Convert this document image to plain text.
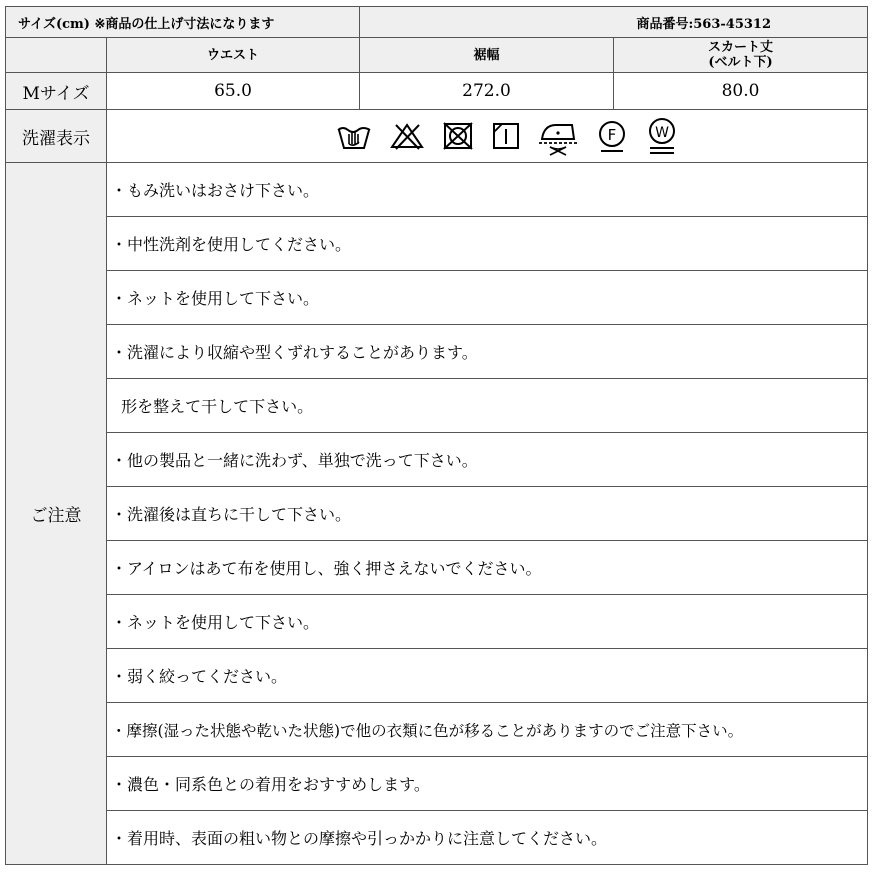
サイズ(cm) ※商品の仕上げ寸法になります		商品番号:563-45312	
	ウエスト	裾幅	スカート丈
(ベルト下)
Mサイズ	65.0	272.0	80.0
洗濯表示	F W		

ご注意	・もみ洗いはおさけ下さい。		
	・中性洗剤を使用してください。		
	・ネットを使用して下さい。		
	・洗濯により収縮や型くずれすることがあります。		
	形を整えて干して下さい。		
	・他の製品と一緒に洗わず、単独で洗って下さい。		
	・洗濯後は直ちに干して下さい。		
	・アイロンはあて布を使用し、強く押さえないでください。		
	・ネットを使用して下さい。		
	・弱く絞ってください。		
	・摩擦(湿った状態や乾いた状態)で他の衣類に色が移ることがありますのでご注意下さい。		
	・濃色・同系色との着用をおすすめします。		
	・着用時、表面の粗い物との摩擦や引っかかりに注意してください。		
